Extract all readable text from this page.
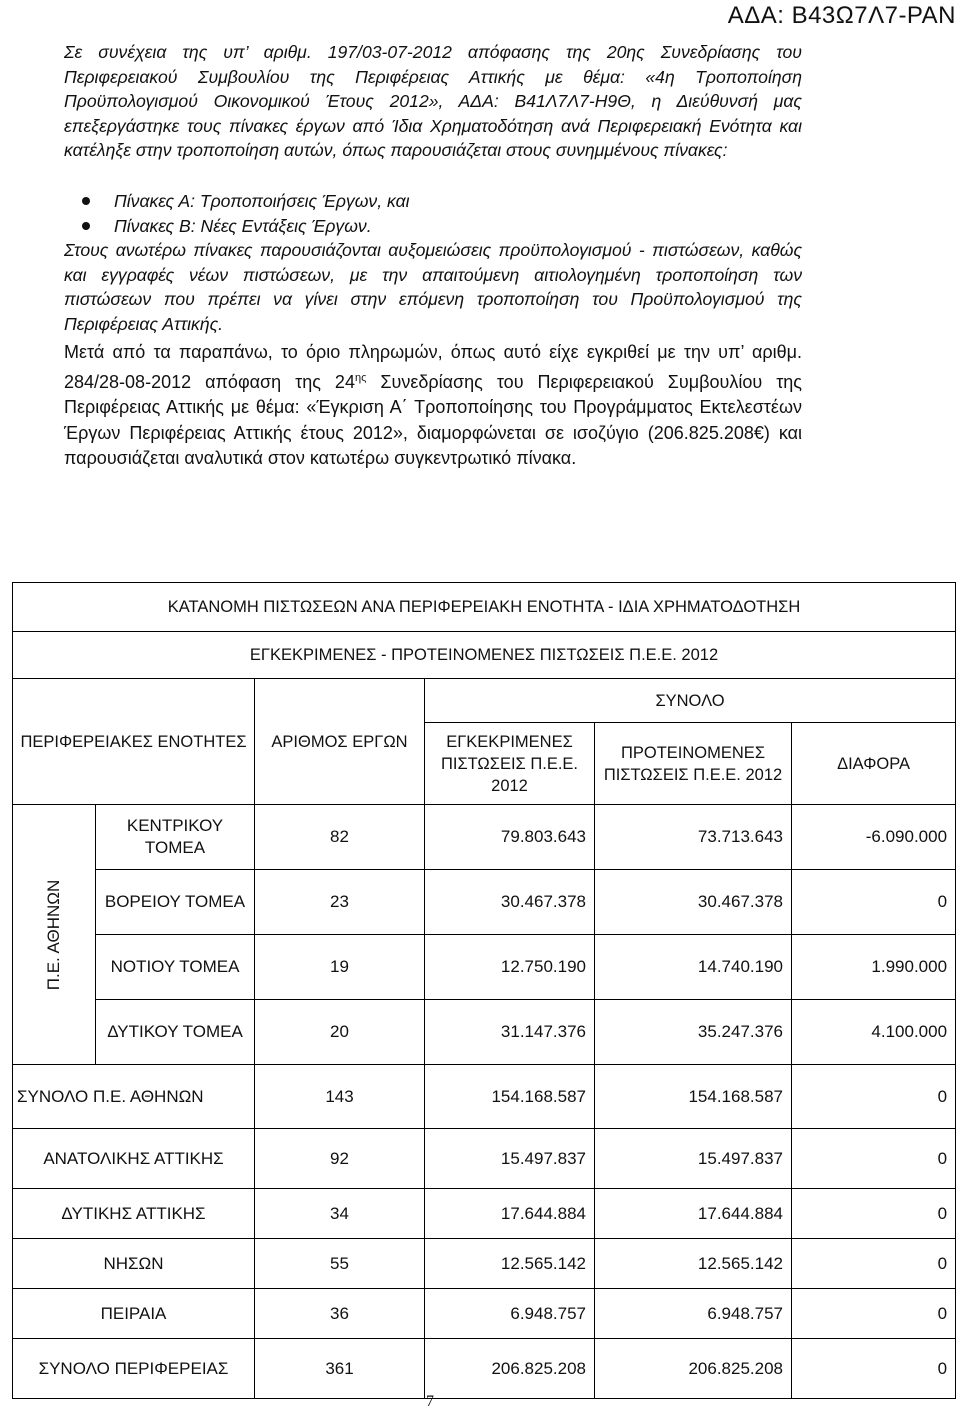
ΑΔΑ: Β43Ω7Λ7-ΡΑΝ
Σε συνέχεια της υπ’ αριθμ. 197/03-07-2012 απόφασης της 20ης Συνεδρίασης του Περιφερειακού Συμβουλίου της Περιφέρειας Αττικής με θέμα: «4η Τροποποίηση Προϋπολογισμού Οικονομικού Έτους 2012», ΑΔΑ: Β41Λ7Λ7-Η9Θ, η Διεύθυνσή μας επεξεργάστηκε τους πίνακες έργων από Ίδια Χρηματοδότηση ανά Περιφερειακή Ενότητα και κατέληξε στην τροποποίηση αυτών, όπως παρουσιάζεται στους συνημμένους πίνακες:
Πίνακες Α: Τροποποιήσεις Έργων, και
Πίνακες Β: Νέες Εντάξεις Έργων.
Στους ανωτέρω πίνακες παρουσιάζονται αυξομειώσεις προϋπολογισμού - πιστώσεων, καθώς και εγγραφές νέων πιστώσεων, με την απαιτούμενη αιτιολογημένη τροποποίηση των πιστώσεων που πρέπει να γίνει στην επόμενη τροποποίηση του Προϋπολογισμού της Περιφέρειας Αττικής.
Μετά από τα παραπάνω, το όριο πληρωμών, όπως αυτό είχε εγκριθεί με την υπ’ αριθμ. 284/28-08-2012 απόφαση της $24^{\eta\varsigma}$ Συνεδρίασης του Περιφερειακού Συμβουλίου της Περιφέρειας Αττικής με θέμα: «Έγκριση Α΄ Τροποποίησης του Προγράμματος Εκτελεστέων Έργων Περιφέρειας Αττικής έτους 2012», διαμορφώνεται σε ισοζύγιο (206.825.208€) και παρουσιάζεται αναλυτικά στον κατωτέρω συγκεντρωτικό πίνακα.
ΚΑΤΑΝΟΜΗ ΠΙΣΤΩΣΕΩΝ ΑΝΑ ΠΕΡΙΦΕΡΕΙΑΚΗ ΕΝΟΤΗΤΑ - ΙΔΙΑ ΧΡΗΜΑΤΟΔΟΤΗΣΗ					
ΕΓΚΕΚΡΙΜΕΝΕΣ - ΠΡΟΤΕΙΝΟΜΕΝΕΣ ΠΙΣΤΩΣΕΙΣ Π.Ε.Ε. 2012					
ΠΕΡΙΦΕΡΕΙΑΚΕΣ ΕΝΟΤΗΤΕΣ		ΑΡΙΘΜΟΣ ΕΡΓΩΝ	ΣΥΝΟΛΟ		
			ΕΓΚΕΚΡΙΜΕΝΕΣ ΠΙΣΤΩΣΕΙΣ Π.Ε.Ε. 2012	ΠΡΟΤΕΙΝΟΜΕΝΕΣ ΠΙΣΤΩΣΕΙΣ Π.Ε.Ε. 2012	ΔΙΑΦΟΡΑ

Π.Ε. ΑΘΗΝΩΝ	ΚΕΝΤΡΙΚΟΥ ΤΟΜΕΑ	82	79.803.643	73.713.643	-6.090.000
	ΒΟΡΕΙΟΥ ΤΟΜΕΑ	23	30.467.378	30.467.378	0
	ΝΟΤΙΟΥ ΤΟΜΕΑ	19	12.750.190	14.740.190	1.990.000
	ΔΥΤΙΚΟΥ ΤΟΜΕΑ	20	31.147.376	35.247.376	4.100.000
ΣΥΝΟΛΟ Π.Ε. ΑΘΗΝΩΝ		143	154.168.587	154.168.587	0
ΑΝΑΤΟΛΙΚΗΣ ΑΤΤΙΚΗΣ		92	15.497.837	15.497.837	0
ΔΥΤΙΚΗΣ ΑΤΤΙΚΗΣ		34	17.644.884	17.644.884	0
ΝΗΣΩΝ		55	12.565.142	12.565.142	0
ΠΕΙΡΑΙΑ		36	6.948.757	6.948.757	0
ΣΥΝΟΛΟ ΠΕΡΙΦΕΡΕΙΑΣ		361	206.825.208	206.825.208	0
7
